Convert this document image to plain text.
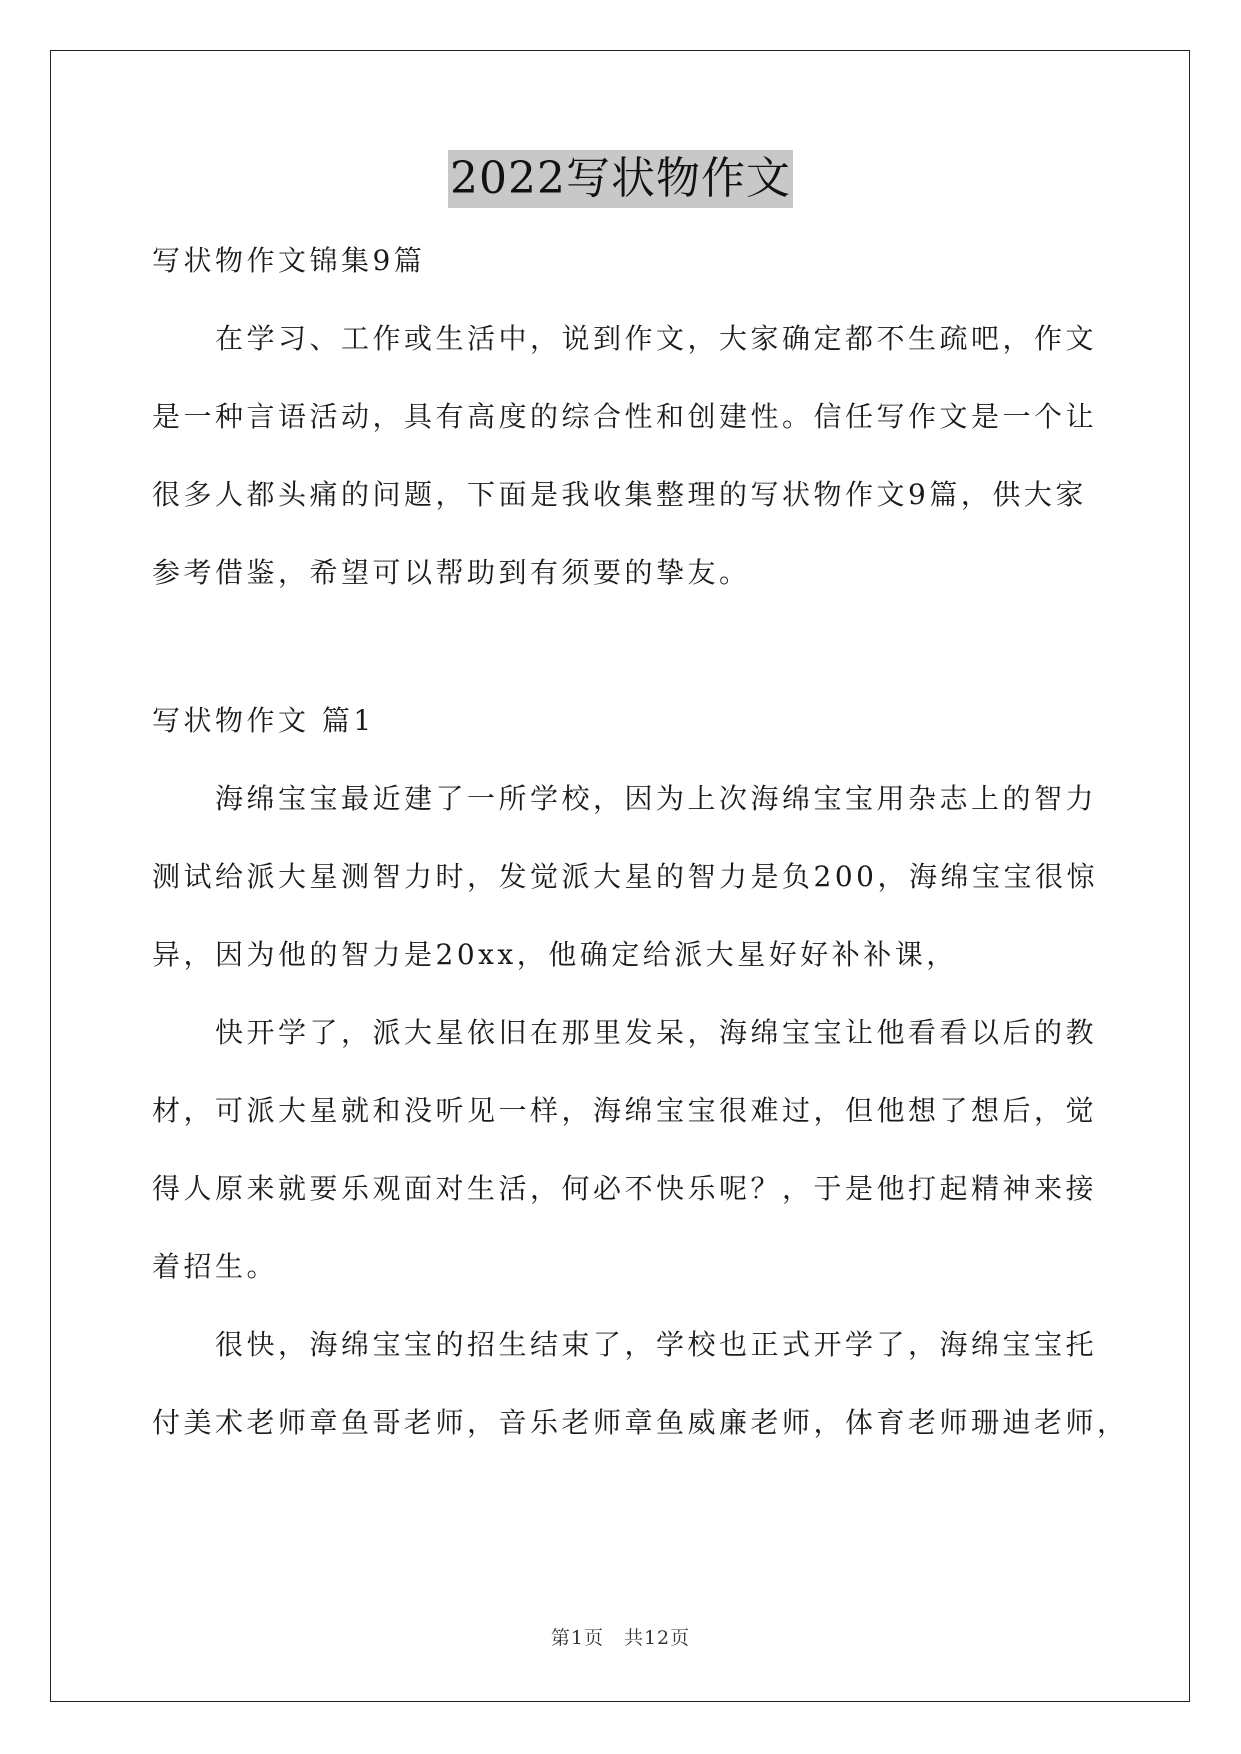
2022写状物作文
写状物作文锦集9篇
　　在学习、工作或生活中，说到作文，大家确定都不生疏吧，作文
是一种言语活动，具有高度的综合性和创建性。信任写作文是一个让
很多人都头痛的问题，下面是我收集整理的写状物作文9篇，供大家
参考借鉴，希望可以帮助到有须要的挚友。
写状物作文 篇1
　　海绵宝宝最近建了一所学校，因为上次海绵宝宝用杂志上的智力
测试给派大星测智力时，发觉派大星的智力是负200，海绵宝宝很惊
异，因为他的智力是20xx，他确定给派大星好好补补课，
　　快开学了，派大星依旧在那里发呆，海绵宝宝让他看看以后的教
材，可派大星就和没听见一样，海绵宝宝很难过，但他想了想后，觉
得人原来就要乐观面对生活，何必不快乐呢？，于是他打起精神来接
着招生。
　　很快，海绵宝宝的招生结束了，学校也正式开学了，海绵宝宝托
付美术老师章鱼哥老师，音乐老师章鱼威廉老师，体育老师珊迪老师，
第1页　共12页
